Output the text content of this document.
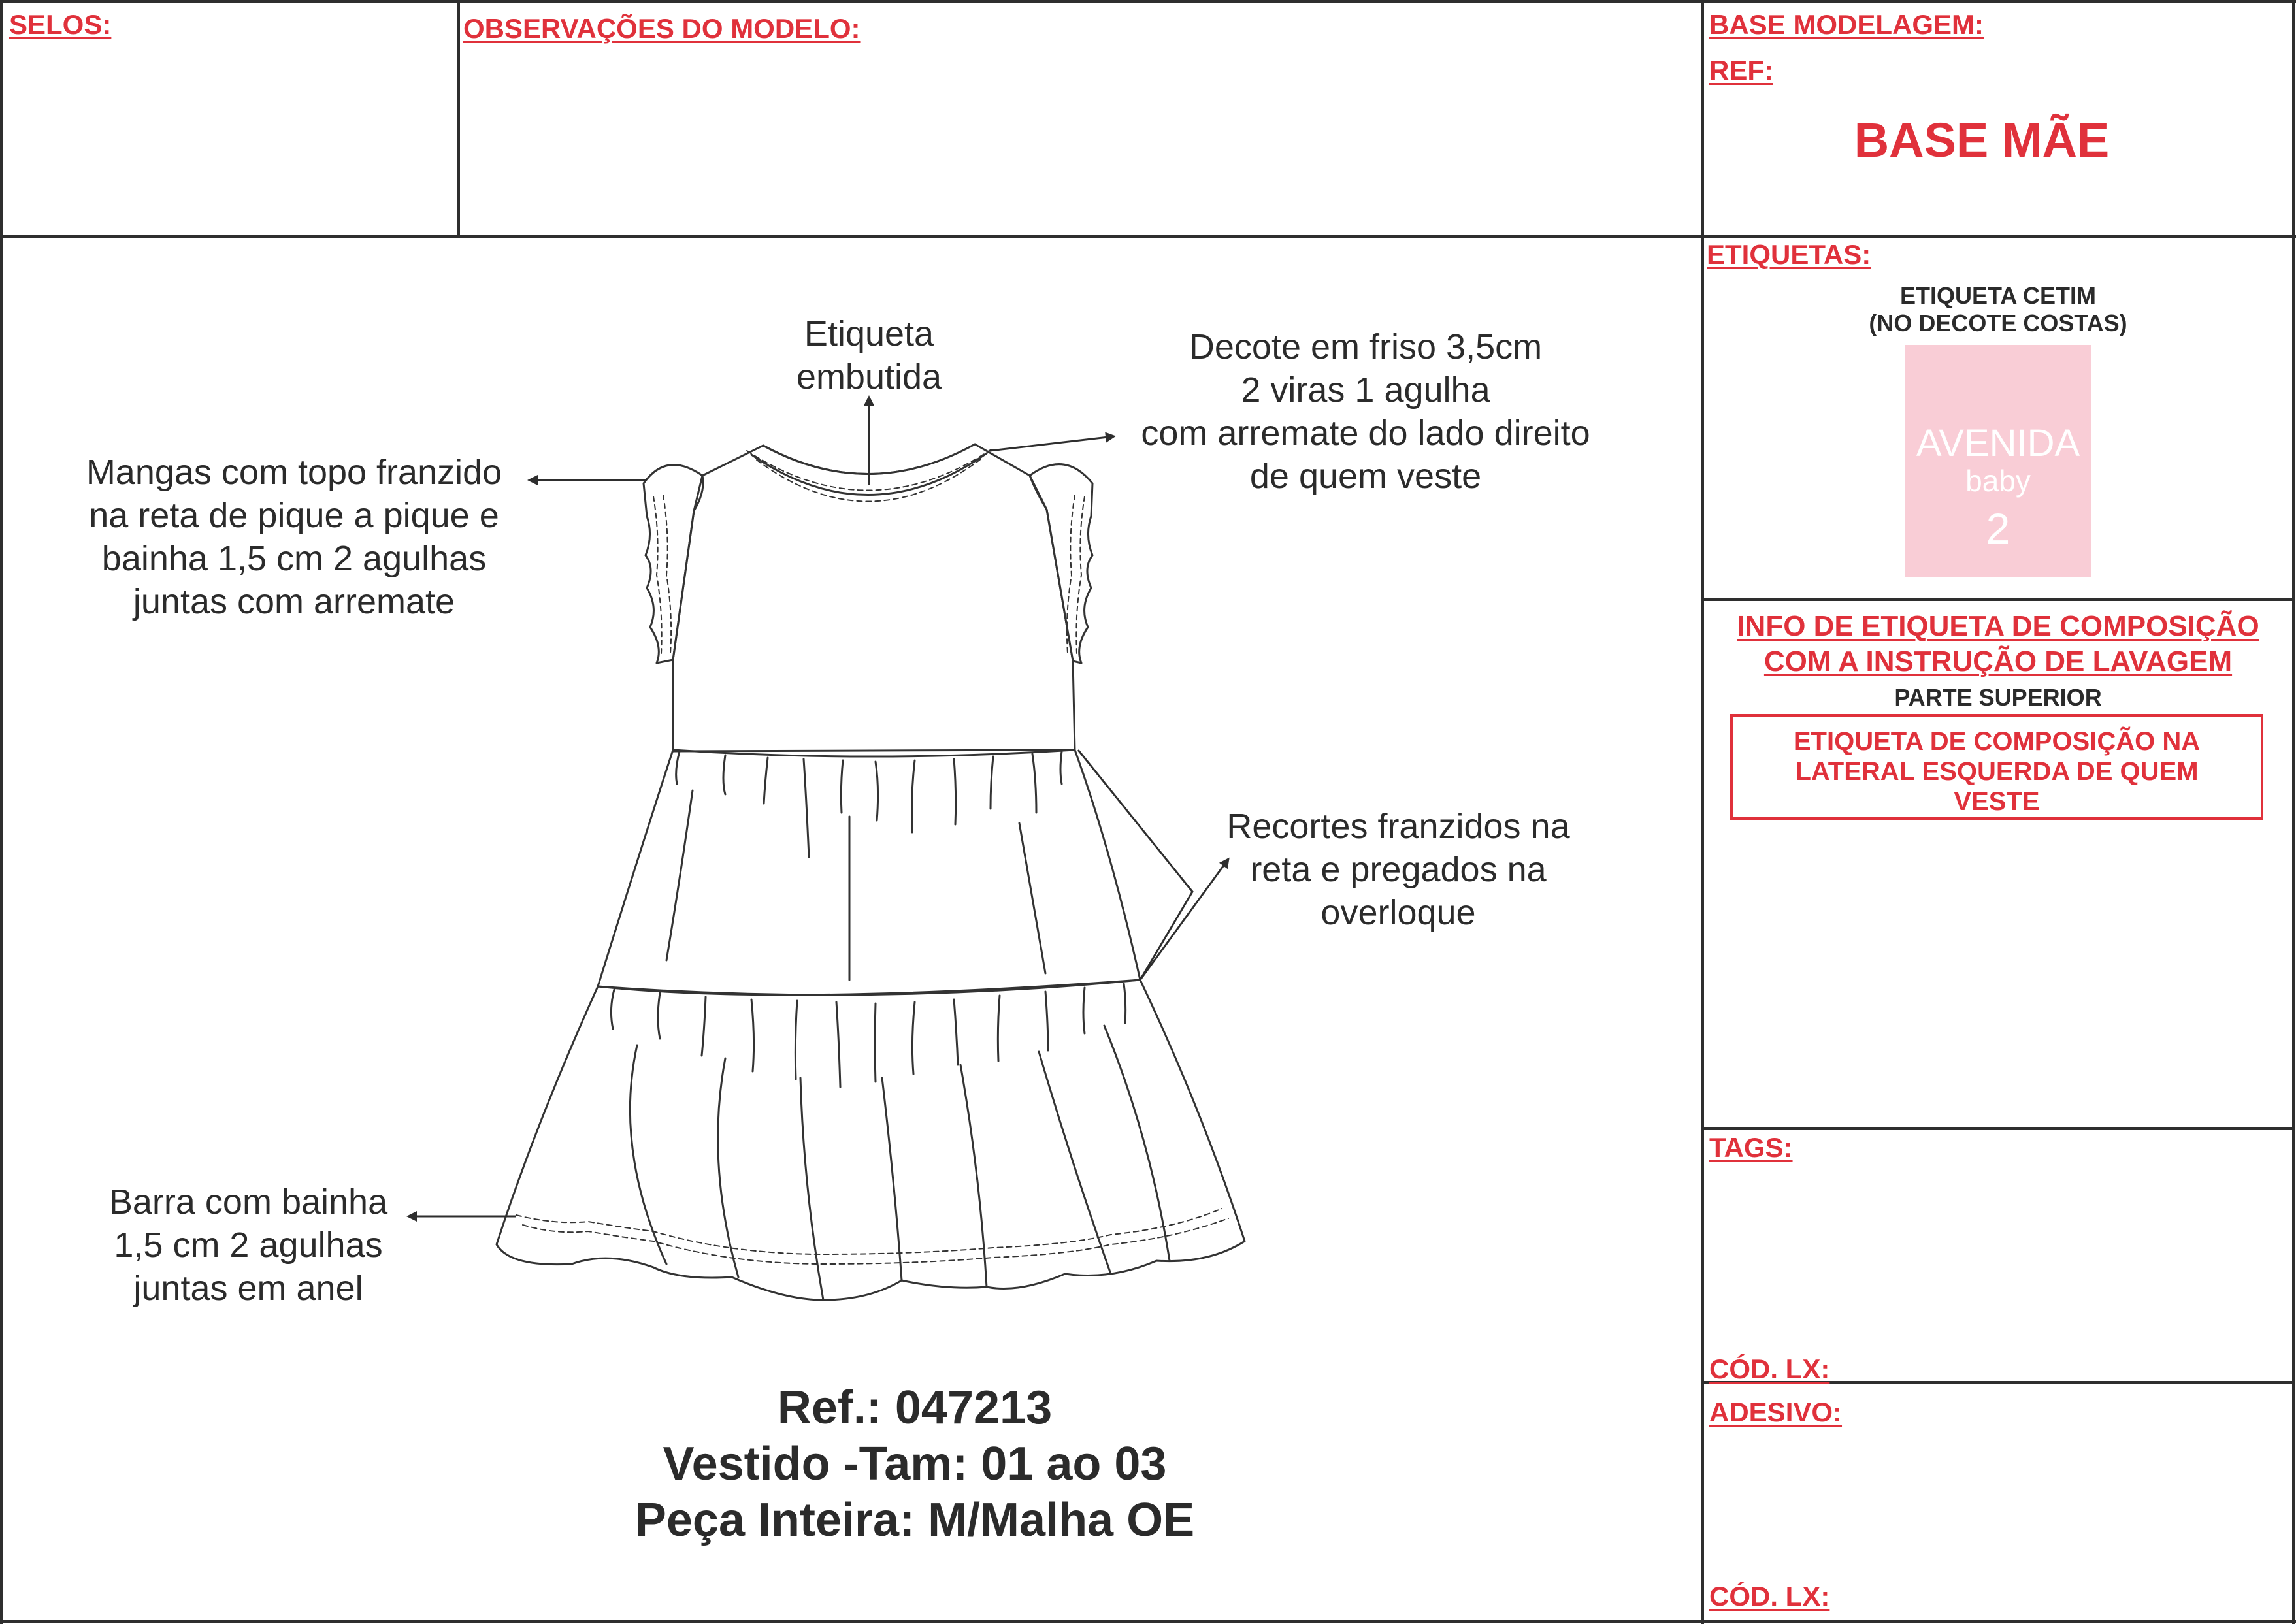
SELOS:	OBSERVAÇÕES DO MODELO:	BASE MODELAGEM:
REF:
BASE MÃE
Etiqueta
embutida
Decote em friso 3,5cm
2 viras 1 agulha
com arremate do lado direito
de quem veste
Mangas com topo franzido
na reta de pique a pique e
bainha 1,5 cm 2 agulhas
juntas com arremate
Recortes franzidos na
reta e pregados na
overloque
Barra com bainha
1,5 cm 2 agulhas
juntas em anel
Ref.: 047213
Vestido -Tam: 01 ao 03
Peça Inteira: M/Malha OE
ETIQUETAS:
ETIQUETA CETIM
(NO DECOTE COSTAS)
AVENIDA
baby
2
INFO DE ETIQUETA DE COMPOSIÇÃO
COM A INSTRUÇÃO DE LAVAGEM
PARTE SUPERIOR
ETIQUETA DE COMPOSIÇÃO NA
LATERAL ESQUERDA DE QUEM
VESTE
TAGS:
CÓD. LX:
ADESIVO:
CÓD. LX:
